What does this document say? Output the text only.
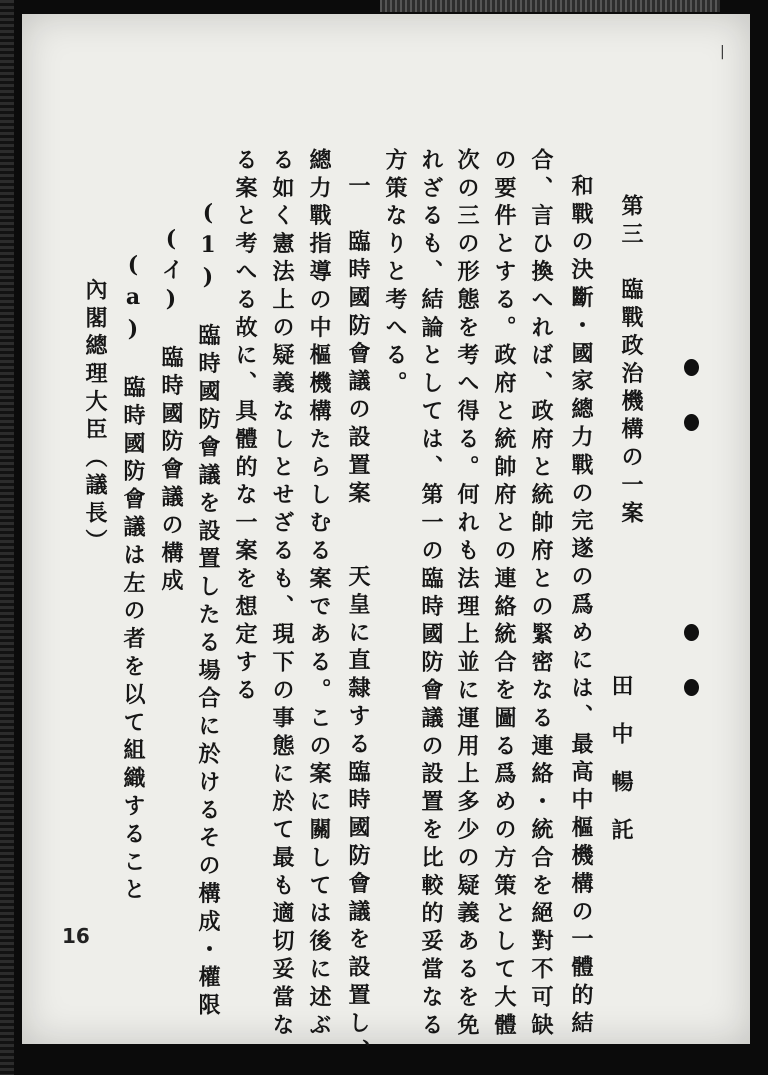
|
第三　臨戰政治機構の一案
田中暢託
和戰の決斷・國家總力戰の完遂の爲めには、最高中樞機構の一體的結
合、言ひ換へれば、政府と統帥府との緊密なる連絡・統合を絕對不可缺
の要件とする。政府と統帥府との連絡統合を圖る爲めの方策として大體
次の三の形態を考へ得る。何れも法理上並に運用上多少の疑義あるを免
れざるも、結論としては、第一の臨時國防會議の設置を比較的妥當なる
方策なりと考へる。
一　臨時國防會議の設置案　　天皇に直隸する臨時國防會議を設置し、
總力戰指導の中樞機構たらしむる案である。この案に關しては後に述ぶ
る如く憲法上の疑義なしとせざるも、現下の事態に於て最も適切妥當な
る案と考へる故に、具體的な一案を想定する
(1)　臨時國防會議を設置したる場合に於けるその構成・權限
(イ)　臨時國防會議の構成
(a)　臨時國防會議は左の者を以て組織すること
內閣總理大臣（議長）
16
